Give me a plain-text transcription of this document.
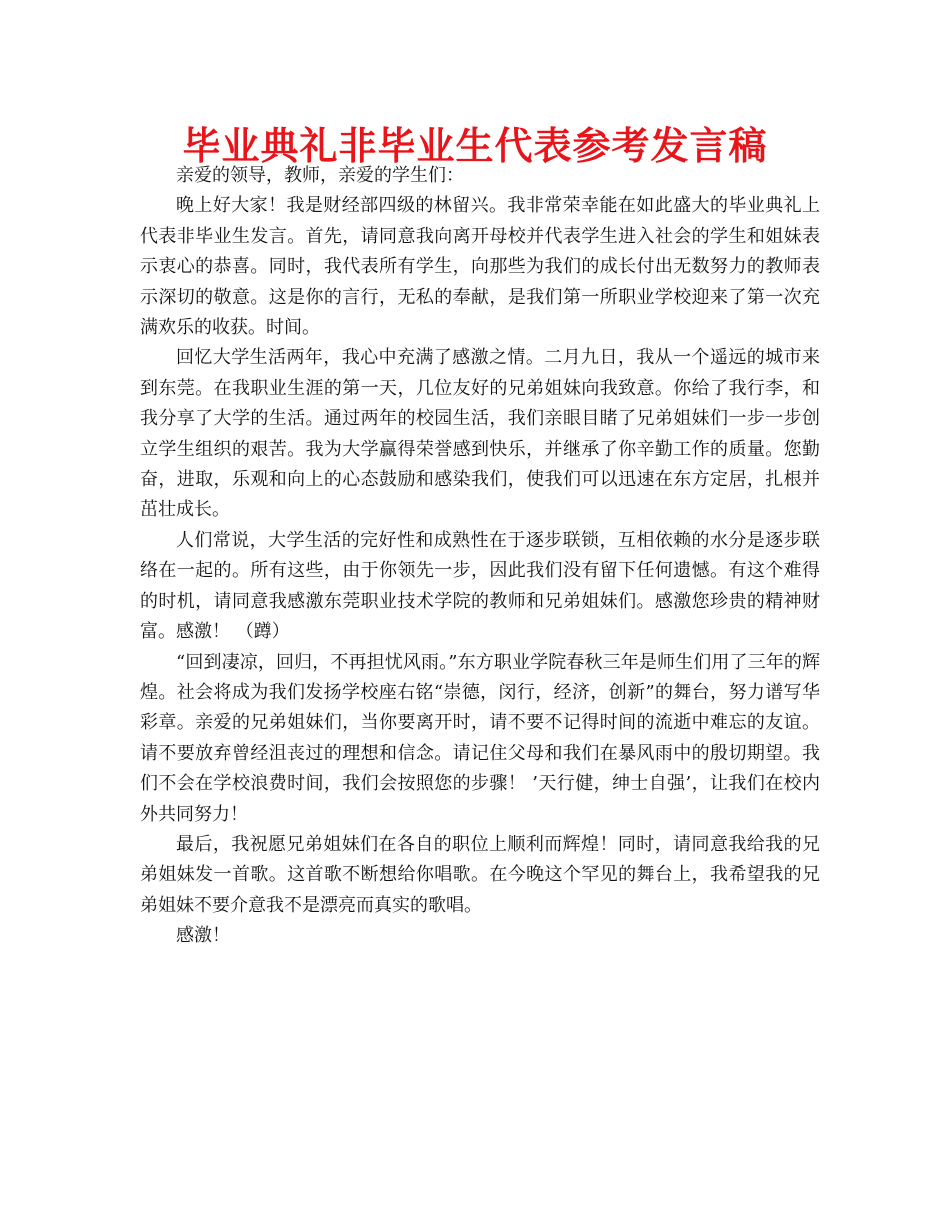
毕业典礼非毕业生代表参考发言稿

亲爱的领导，教师，亲爱的学生们：

晚上好大家！我是财经部四级的林留兴。我非常荣幸能在如此盛大的毕业典礼上代表非毕业生发言。首先，请同意我向离开母校并代表学生进入社会的学生和姐妹表示衷心的恭喜。同时，我代表所有学生，向那些为我们的成长付出无数努力的教师表示深切的敬意。这是你的言行，无私的奉献，是我们第一所职业学校迎来了第一次充满欢乐的收获。时间。

回忆大学生活两年，我心中充满了感激之情。二月九日，我从一个遥远的城市来到东莞。在我职业生涯的第一天，几位友好的兄弟姐妹向我致意。你给了我行李，和我分享了大学的生活。通过两年的校园生活，我们亲眼目睹了兄弟姐妹们一步一步创立学生组织的艰苦。我为大学赢得荣誉感到快乐，并继承了你辛勤工作的质量。您勤奋，进取，乐观和向上的心态鼓励和感染我们，使我们可以迅速在东方定居，扎根并茁壮成长。

人们常说，大学生活的完好性和成熟性在于逐步联锁，互相依赖的水分是逐步联络在一起的。所有这些，由于你领先一步，因此我们没有留下任何遗憾。有这个难得的时机，请同意我感激东莞职业技术学院的教师和兄弟姐妹们。感激您珍贵的精神财富。感激！ （蹲）

“回到凄凉，回归，不再担忧风雨。”东方职业学院春秋三年是师生们用了三年的辉煌。社会将成为我们发扬学校座右铭“崇德，闵行，经济，创新”的舞台，努力谱写华彩章。亲爱的兄弟姐妹们，当你要离开时，请不要不记得时间的流逝中难忘的友谊。请不要放弃曾经沮丧过的理想和信念。请记住父母和我们在暴风雨中的殷切期望。我们不会在学校浪费时间，我们会按照您的步骤！ ’天行健，绅士自强’，让我们在校内外共同努力！

最后，我祝愿兄弟姐妹们在各自的职位上顺利而辉煌！同时，请同意我给我的兄弟姐妹发一首歌。这首歌不断想给你唱歌。在今晚这个罕见的舞台上，我希望我的兄弟姐妹不要介意我不是漂亮而真实的歌唱。

感激！
